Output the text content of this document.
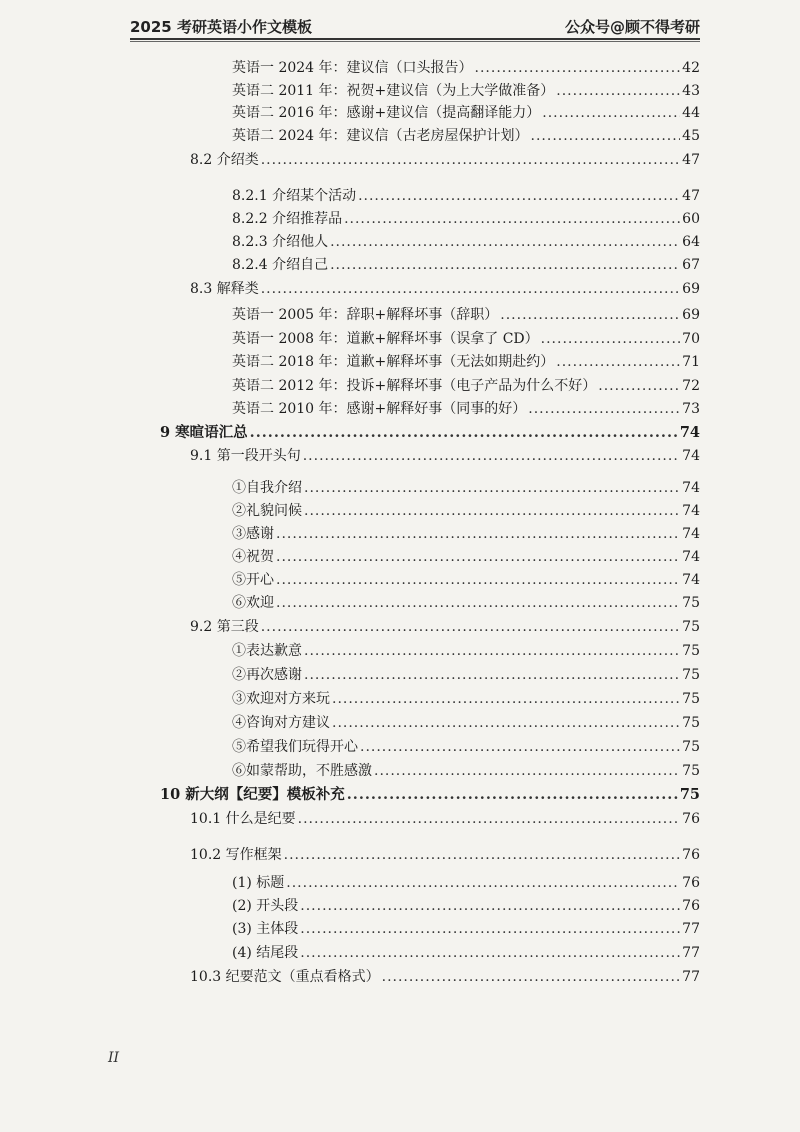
2025 考研英语小作文模板	公众号@顾不得考研
英语一 2024 年：建议信（口头报告） .....	42
英语二 2011 年：祝贺+建议信（为上大学做准备） .....	43
英语二 2016 年：感谢+建议信（提高翻译能力） .....	44
英语二 2024 年：建议信（古老房屋保护计划） .....	45
8.2 介绍类 .....	47
8.2.1 介绍某个活动 .....	47
8.2.2 介绍推荐品 .....	60
8.2.3 介绍他人 .....	64
8.2.4 介绍自己 .....	67
8.3 解释类 .....	69
英语一 2005 年：辞职+解释坏事（辞职） .....	69
英语一 2008 年：道歉+解释坏事（误拿了 CD） .....	70
英语二 2018 年：道歉+解释坏事（无法如期赴约） .....	71
英语二 2012 年：投诉+解释坏事（电子产品为什么不好） .....	72
英语二 2010 年：感谢+解释好事（同事的好） .....	73
9 寒暄语汇总 .....	74
9.1 第一段开头句 .....	74
①自我介绍 .....	74
②礼貌问候 .....	74
③感谢 .....	74
④祝贺 .....	74
⑤开心 .....	74
⑥欢迎 .....	75
9.2 第三段 .....	75
①表达歉意 .....	75
②再次感谢 .....	75
③欢迎对方来玩 .....	75
④咨询对方建议 .....	75
⑤希望我们玩得开心 .....	75
⑥如蒙帮助，不胜感激 .....	75
10 新大纲【纪要】模板补充 .....	75
10.1 什么是纪要 .....	76
10.2 写作框架 .....	76
(1) 标题 .....	76
(2) 开头段 .....	76
(3) 主体段 .....	77
(4) 结尾段 .....	77
10.3 纪要范文（重点看格式） .....	77
II
